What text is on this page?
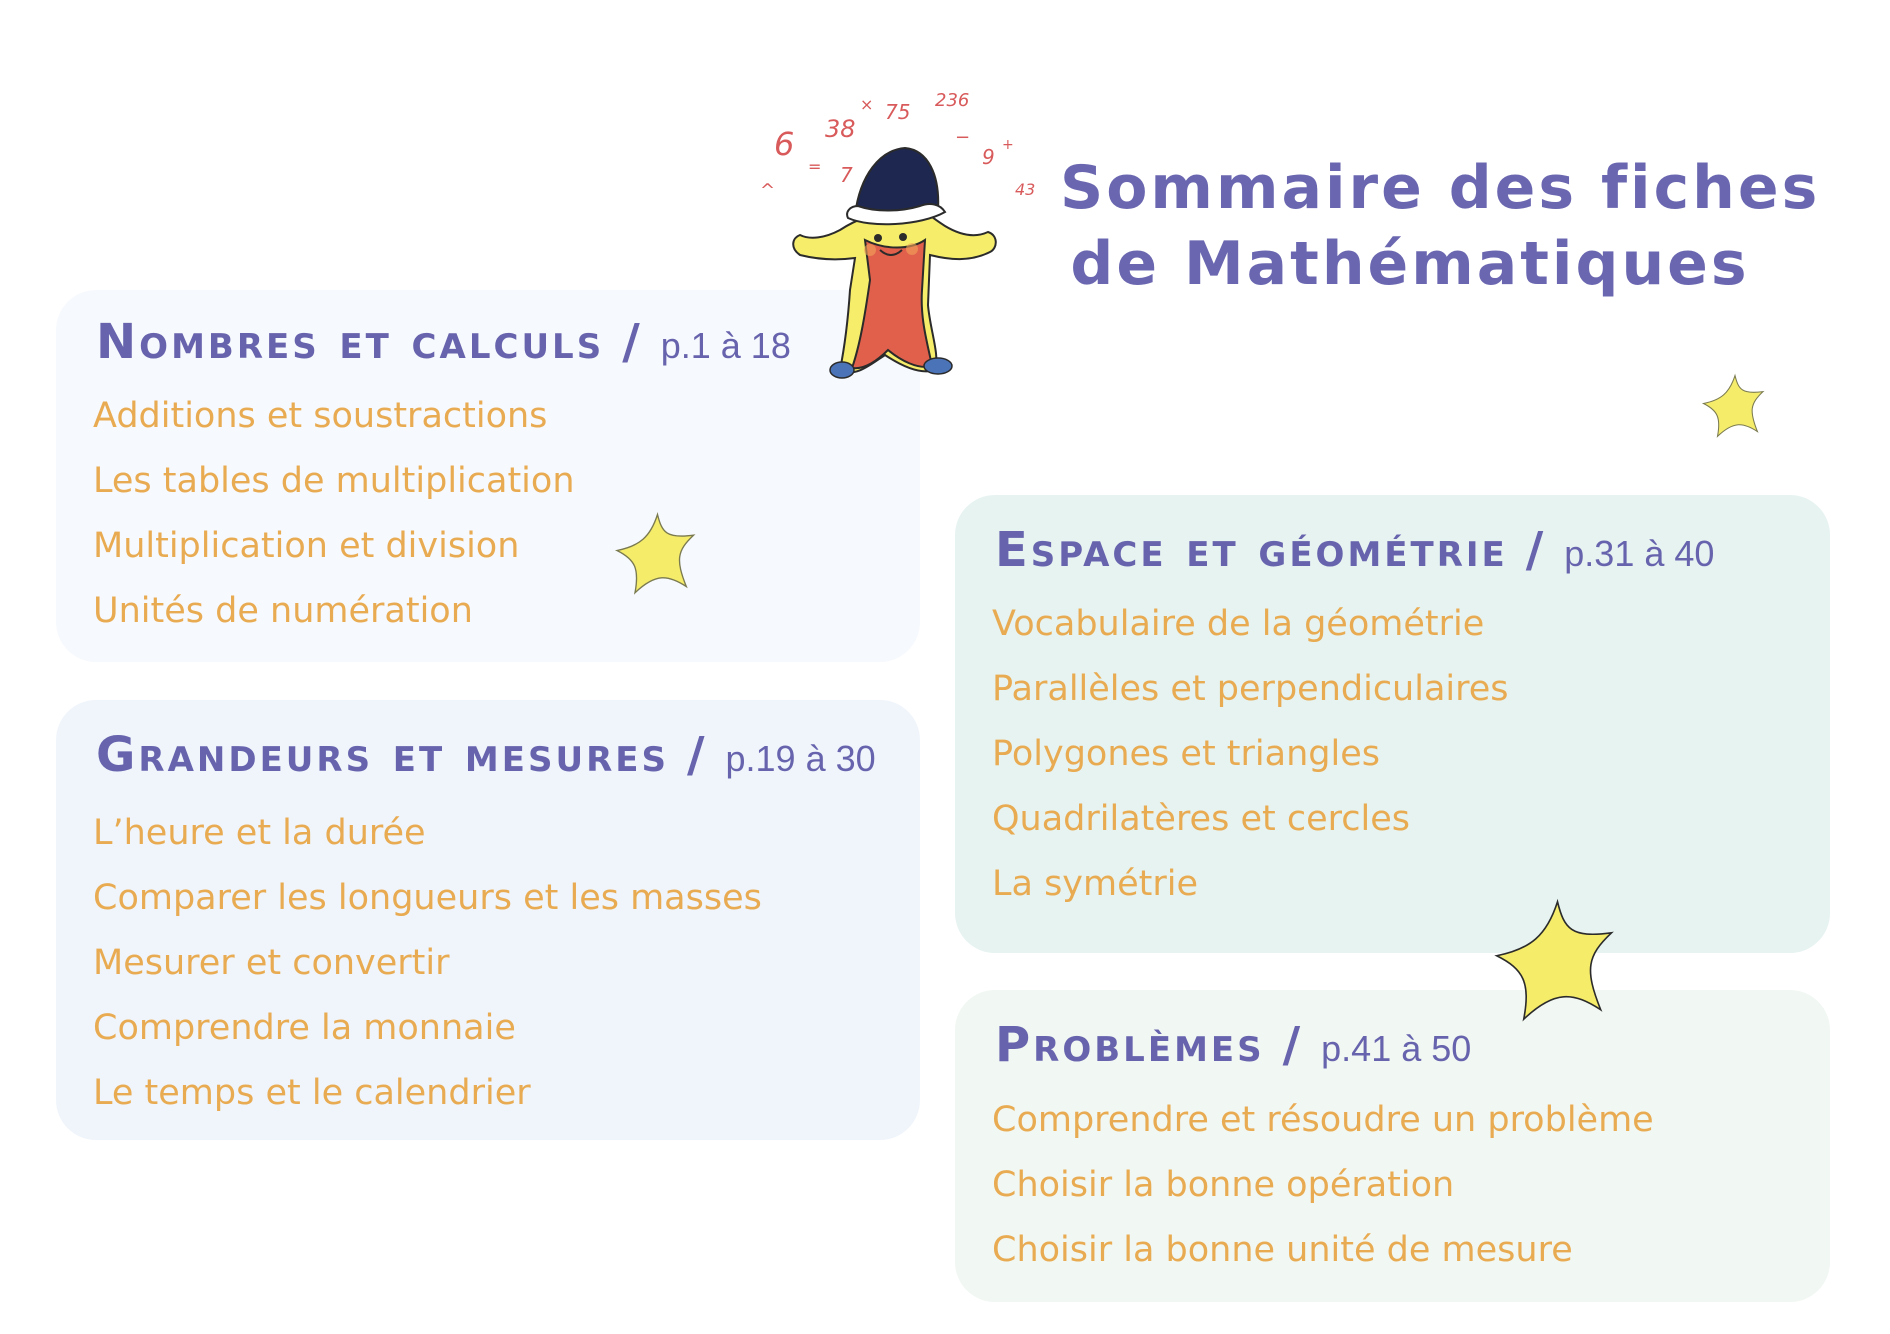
Sommaire des fiches
de Mathématiques
Nombres et calculs / p.1 à 18
Additions et soustractions
Les tables de multiplication
Multiplication et division
Unités de numération
Grandeurs et mesures / p.19 à 30
L’heure et la durée
Comparer les longueurs et les masses
Mesurer et convertir
Comprendre la monnaie
Le temps et le calendrier
Espace et géométrie / p.31 à 40
Vocabulaire de la géométrie
Parallèles et perpendiculaires
Polygones et triangles
Quadrilatères et cercles
La symétrie
Problèmes / p.41 à 50
Comprendre et résoudre un problème
Choisir la bonne opération
Choisir la bonne unité de mesure
6 38
× 75 236
= 7
−
9 +
43
^
